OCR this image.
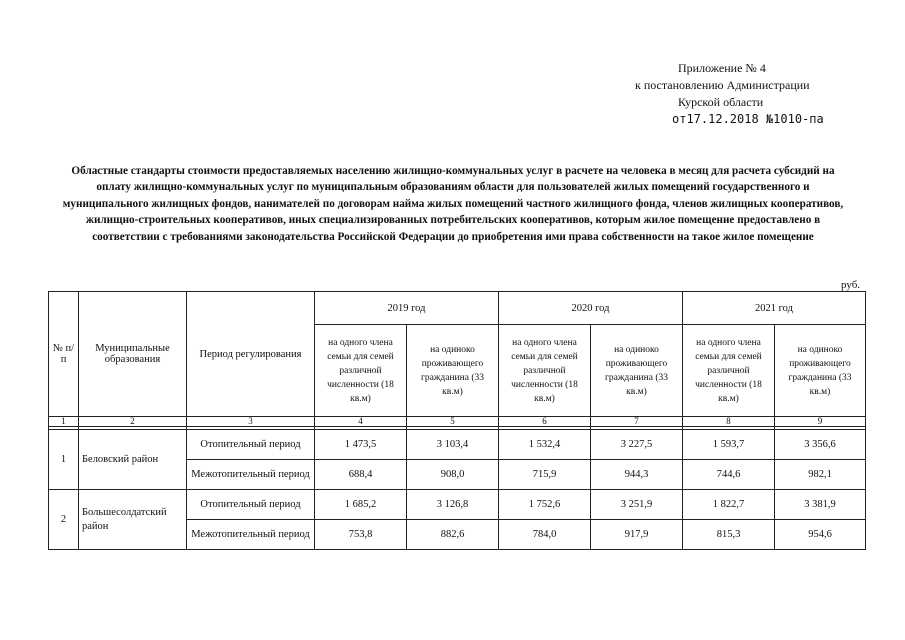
Приложение № 4
к постановлению Администрации
Курской области
от17.12.2018 №1010-па
Областные стандарты стоимости предоставляемых населению жилищно-коммунальных услуг в расчете на человека в месяц для расчета субсидий на оплату жилищно-коммунальных услуг по муниципальным образованиям области для пользователей жилых помещений государственного и муниципального жилищных фондов, нанимателей по договорам найма жилых помещений частного жилищного фонда, членов жилищных кооперативов, жилищно-строительных кооперативов, иных специализированных потребительских кооперативов, которым жилое помещение предоставлено в соответствии с требованиями законодательства Российской Федерации до приобретения ими права собственности на такое жилое помещение
руб.
№ п/п	Муниципальные образования	Период регулирования	2019 год		2020 год		2021 год	
			на одного члена семьи для семей различной численности (18 кв.м)	на одиноко проживающего гражданина (33 кв.м)	на одного члена семьи для семей различной численности (18 кв.м)	на одиноко проживающего гражданина (33 кв.м)	на одного члена семьи для семей различной численности (18 кв.м)	на одиноко проживающего гражданина (33 кв.м)
1	2	3	4	5	6	7	8	9

1	Беловский район	Отопительный период	1 473,5	3 103,4	1 532,4	3 227,5	1 593,7	3 356,6
		Межотопительный период	688,4	908,0	715,9	944,3	744,6	982,1
2	Большесолдатский район	Отопительный период	1 685,2	3 126,8	1 752,6	3 251,9	1 822,7	3 381,9
		Межотопительный период	753,8	882,6	784,0	917,9	815,3	954,6
